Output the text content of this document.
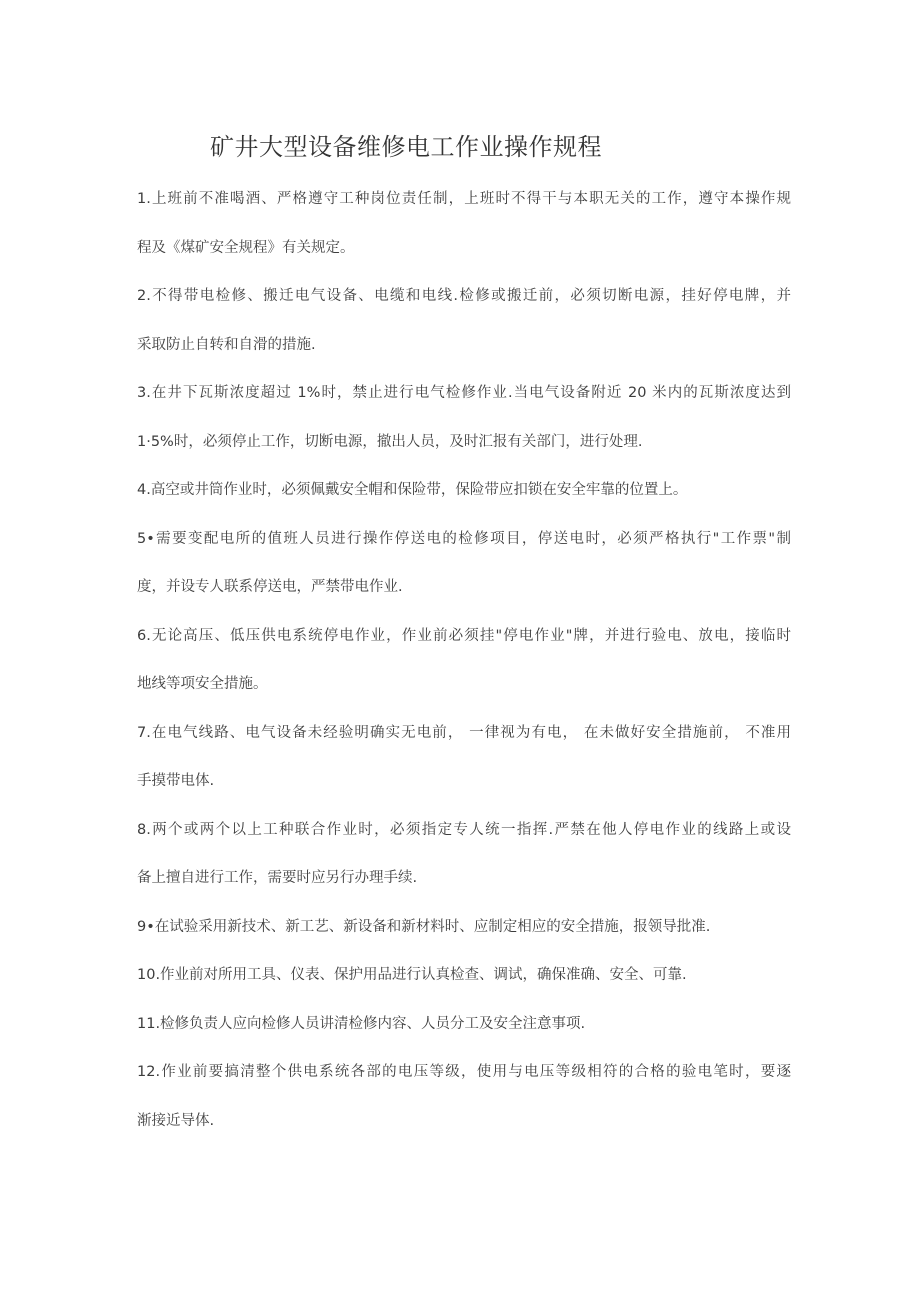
矿井大型设备维修电工作业操作规程
1.上班前不准喝酒、严格遵守工种岗位责任制，上班时不得干与本职无关的工作，遵守本操作规
程及《煤矿安全规程》有关规定。
2.不得带电检修、搬迁电气设备、电缆和电线.检修或搬迁前，必须切断电源，挂好停电牌，并
采取防止自转和自滑的措施.
3.在井下瓦斯浓度超过 1%时，禁止进行电气检修作业.当电气设备附近 20 米内的瓦斯浓度达到
1·5%时，必须停止工作，切断电源，撤出人员，及时汇报有关部门，进行处理.
4.高空或井筒作业时，必须佩戴安全帽和保险带，保险带应扣锁在安全牢靠的位置上。
5•需要变配电所的值班人员进行操作停送电的检修项目，停送电时，必须严格执行"工作票"制
度，并设专人联系停送电，严禁带电作业.
6.无论高压、低压供电系统停电作业，作业前必须挂"停电作业"牌，并进行验电、放电，接临时
地线等项安全措施。
7.在电气线路、电气设备未经验明确实无电前， 一律视为有电， 在未做好安全措施前， 不准用
手摸带电体.
8.两个或两个以上工种联合作业时，必须指定专人统一指挥.严禁在他人停电作业的线路上或设
备上擅自进行工作，需要时应另行办理手续.
9•在试验采用新技术、新工艺、新设备和新材料时、应制定相应的安全措施，报领导批准.
10.作业前对所用工具、仪表、保护用品进行认真检查、调试，确保准确、安全、可靠.
11.检修负责人应向检修人员讲清检修内容、人员分工及安全注意事项.
12.作业前要搞清整个供电系统各部的电压等级，使用与电压等级相符的合格的验电笔时，要逐
渐接近导体.
